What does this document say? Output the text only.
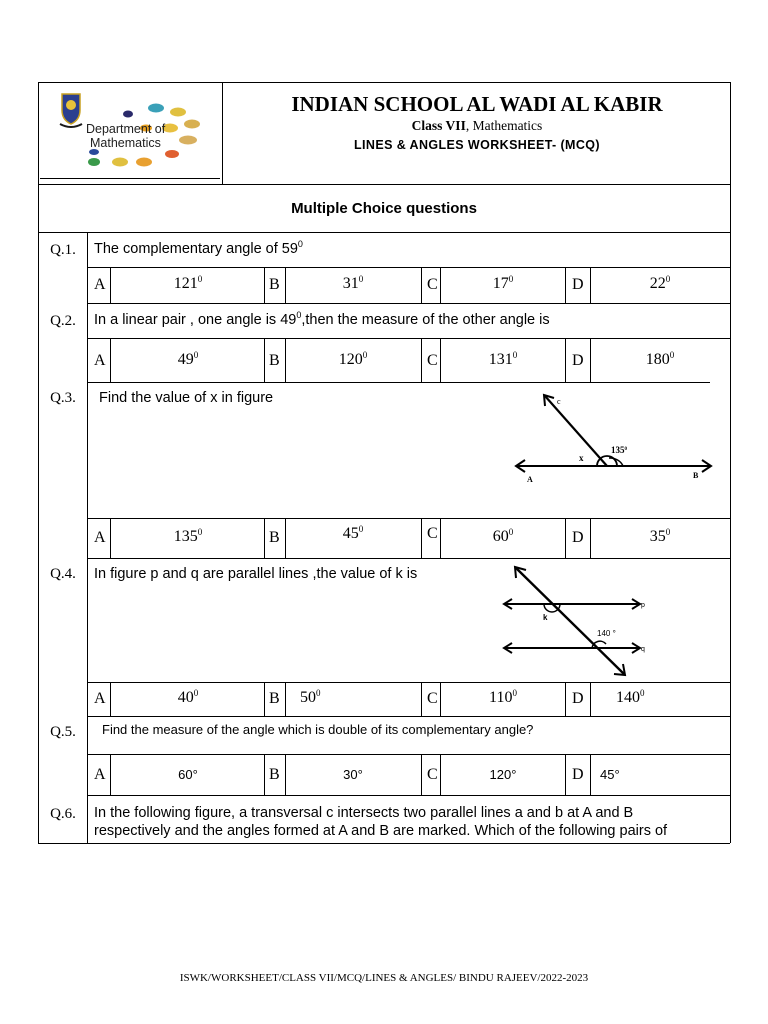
Department of
Mathematics
INDIAN SCHOOL AL WADI AL KABIR
Class VII, Mathematics
LINES & ANGLES WORKSHEET- (MCQ)
Multiple Choice questions
Q.1.	The complementary angle of $59^0$
A	$121^0$	B	$31^0$	C	$17^0$	D	$22^0$
Q.2.	In a linear pair , one angle is $49^0,then$ the measure of the other angle is
A	$49^0$	B	$120^0$	C	$131^0$	D	$180^0$
Q.3.	Find the value of x in figure	c
x
$135^0$
A	B
A	$135^0$	B	$45^0$	C	$60^0$	D	$35^0$
Q.4.	In figure p and q are parallel lines ,the value of k is
p
q
k
140 °
A	$40^0$	B $50^0$	C	$110^0$	D $140^0$
Q.5.	Find the measure of the angle which is double of its complementary angle?
A	60°	B	30°	C	120°	D 45°
Q.6.	In the following figure, a transversal c intersects two parallel lines a and b at A and B
respectively and the angles formed at A and B are marked. Which of the following pairs of
ISWK/WORKSHEET/CLASS VII/MCQ/LINES & ANGLES/ BINDU RAJEEV/2022-2023
